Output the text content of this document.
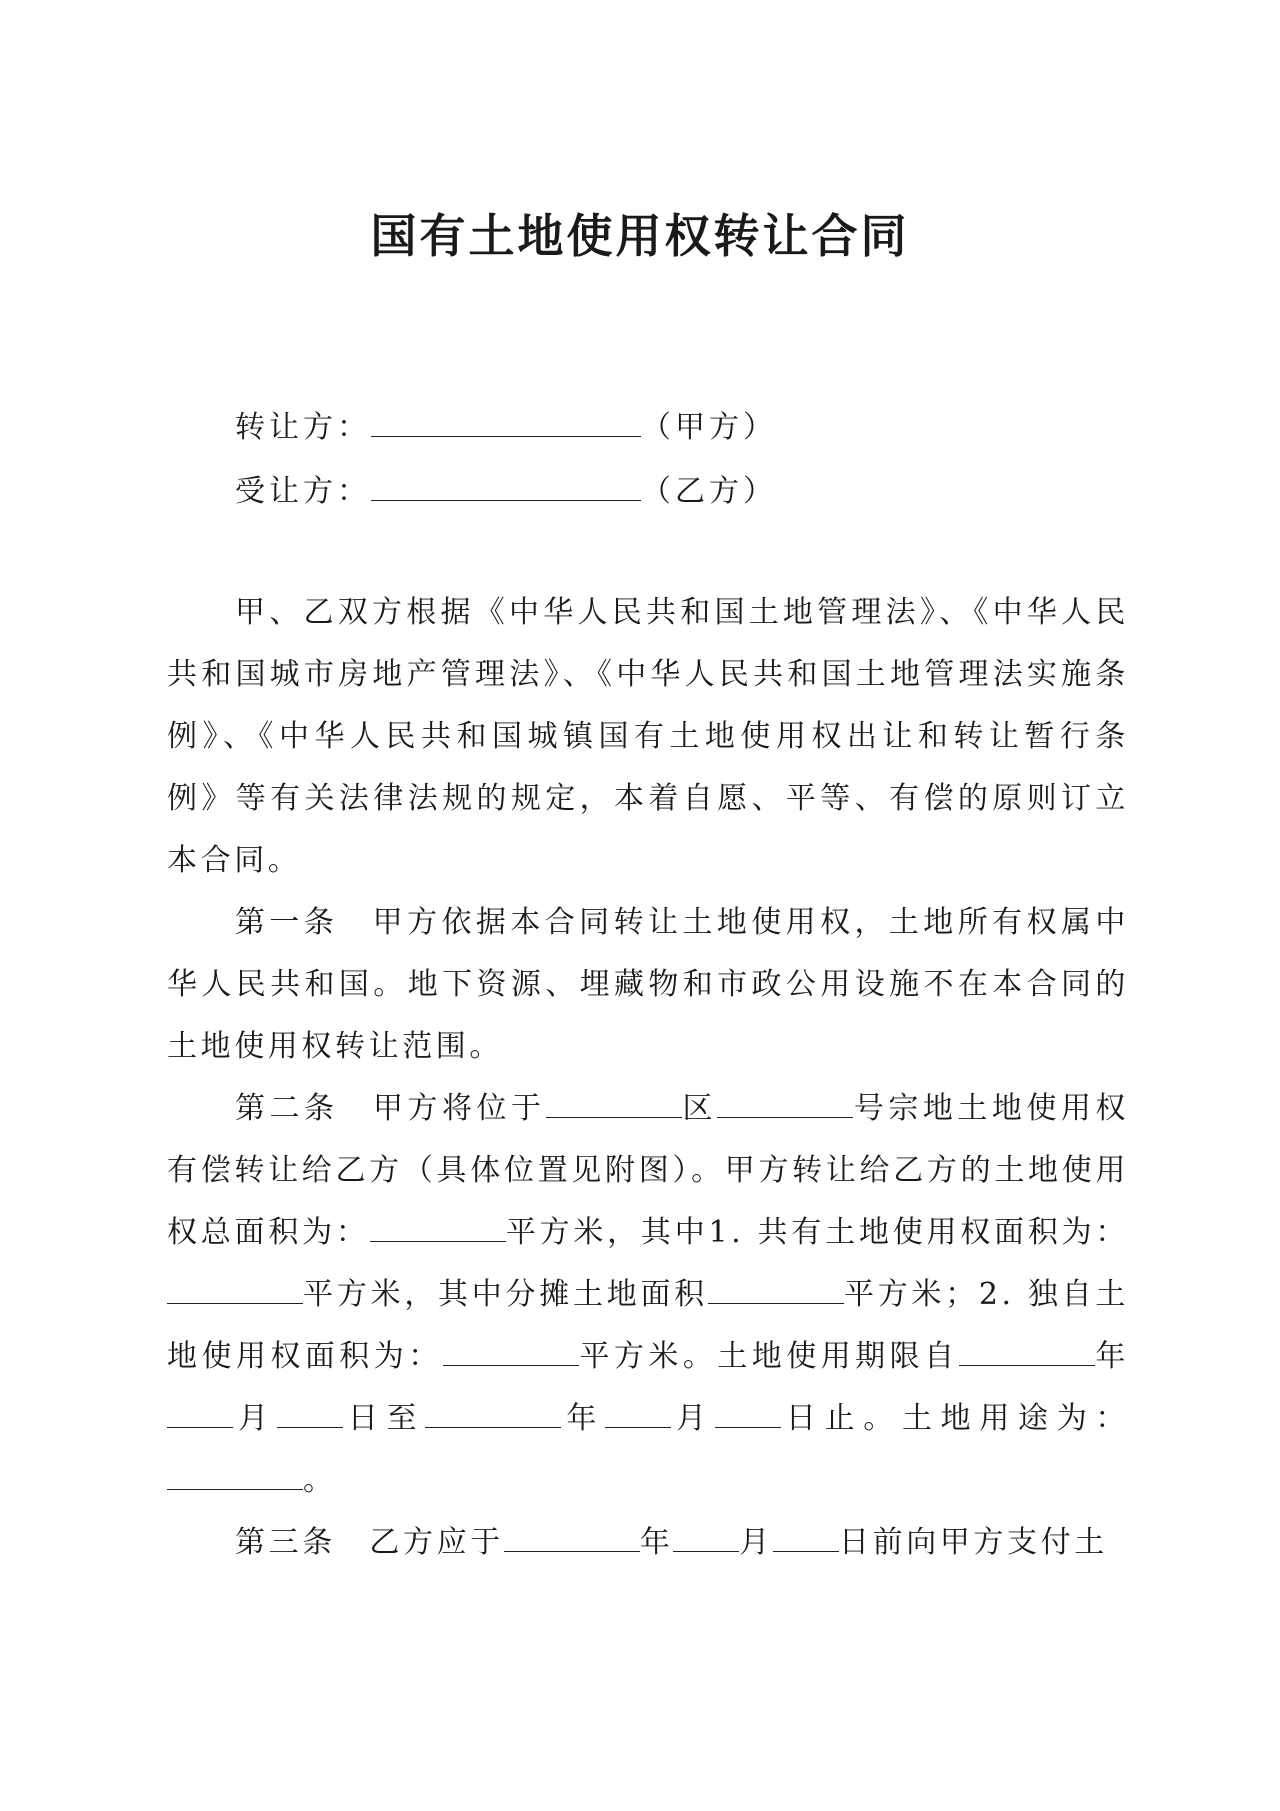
国有土地使用权转让合同
转让方：	（甲方）
受让方：	（乙方）

甲、乙双方根据《中华人民共和国土地管理法》、《中华人民共和国城市房地产管理法》、《中华人民共和国土地管理法实施条例》、《中华人民共和国城镇国有土地使用权出让和转让暂行条例》等有关法律法规的规定，本着自愿、平等、有偿的原则订立本合同。

第一条　甲方依据本合同转让土地使用权，土地所有权属中华人民共和国。地下资源、埋藏物和市政公用设施不在本合同的土地使用权转让范围。

第二条　甲方将位于	区	号宗地土地使用权有偿转让给乙方（具体位置见附图）。甲方转让给乙方的土地使用权总面积为：	平方米，其中1. 共有土地使用权面积为：平方米，其中分摊土地面积	平方米；2. 独自土地使用权面积为：	平方米。土地使用期限自	年月 日至	年 月 日止。土地用途为：。

第三条　乙方应于	年 月 日前向甲方支付土
